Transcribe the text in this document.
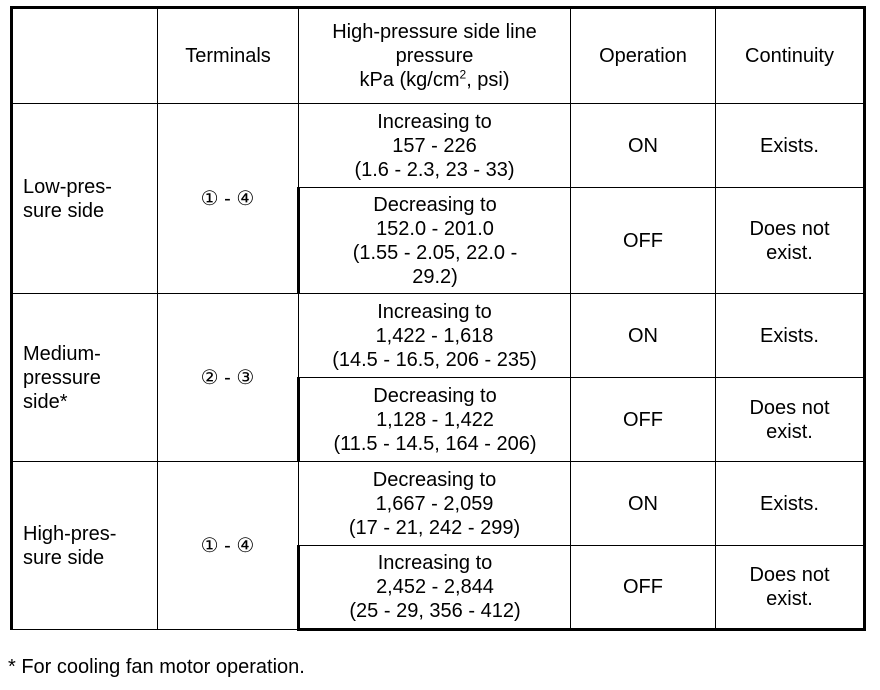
	Terminals	High-pressure side line
pressure
kPa ($kg/cm^2$, psi)	Operation	Continuity
Low-pres-
sure side	① - ④	Increasing to
157 - 226
(1.6 - 2.3, 23 - 33)	ON	Exists.
		Decreasing to
152.0 - 201.0
(1.55 - 2.05, 22.0 -
29.2)	OFF	Does not
exist.
Medium-
pressure
side*	② - ③	Increasing to
1,422 - 1,618
(14.5 - 16.5, 206 - 235)	ON	Exists.
		Decreasing to
1,128 - 1,422
(11.5 - 14.5, 164 - 206)	OFF	Does not
exist.
High-pres-
sure side	① - ④	Decreasing to
1,667 - 2,059
(17 - 21, 242 - 299)	ON	Exists.
		Increasing to
2,452 - 2,844
(25 - 29, 356 - 412)	OFF	Does not
exist.
* For cooling fan motor operation.
